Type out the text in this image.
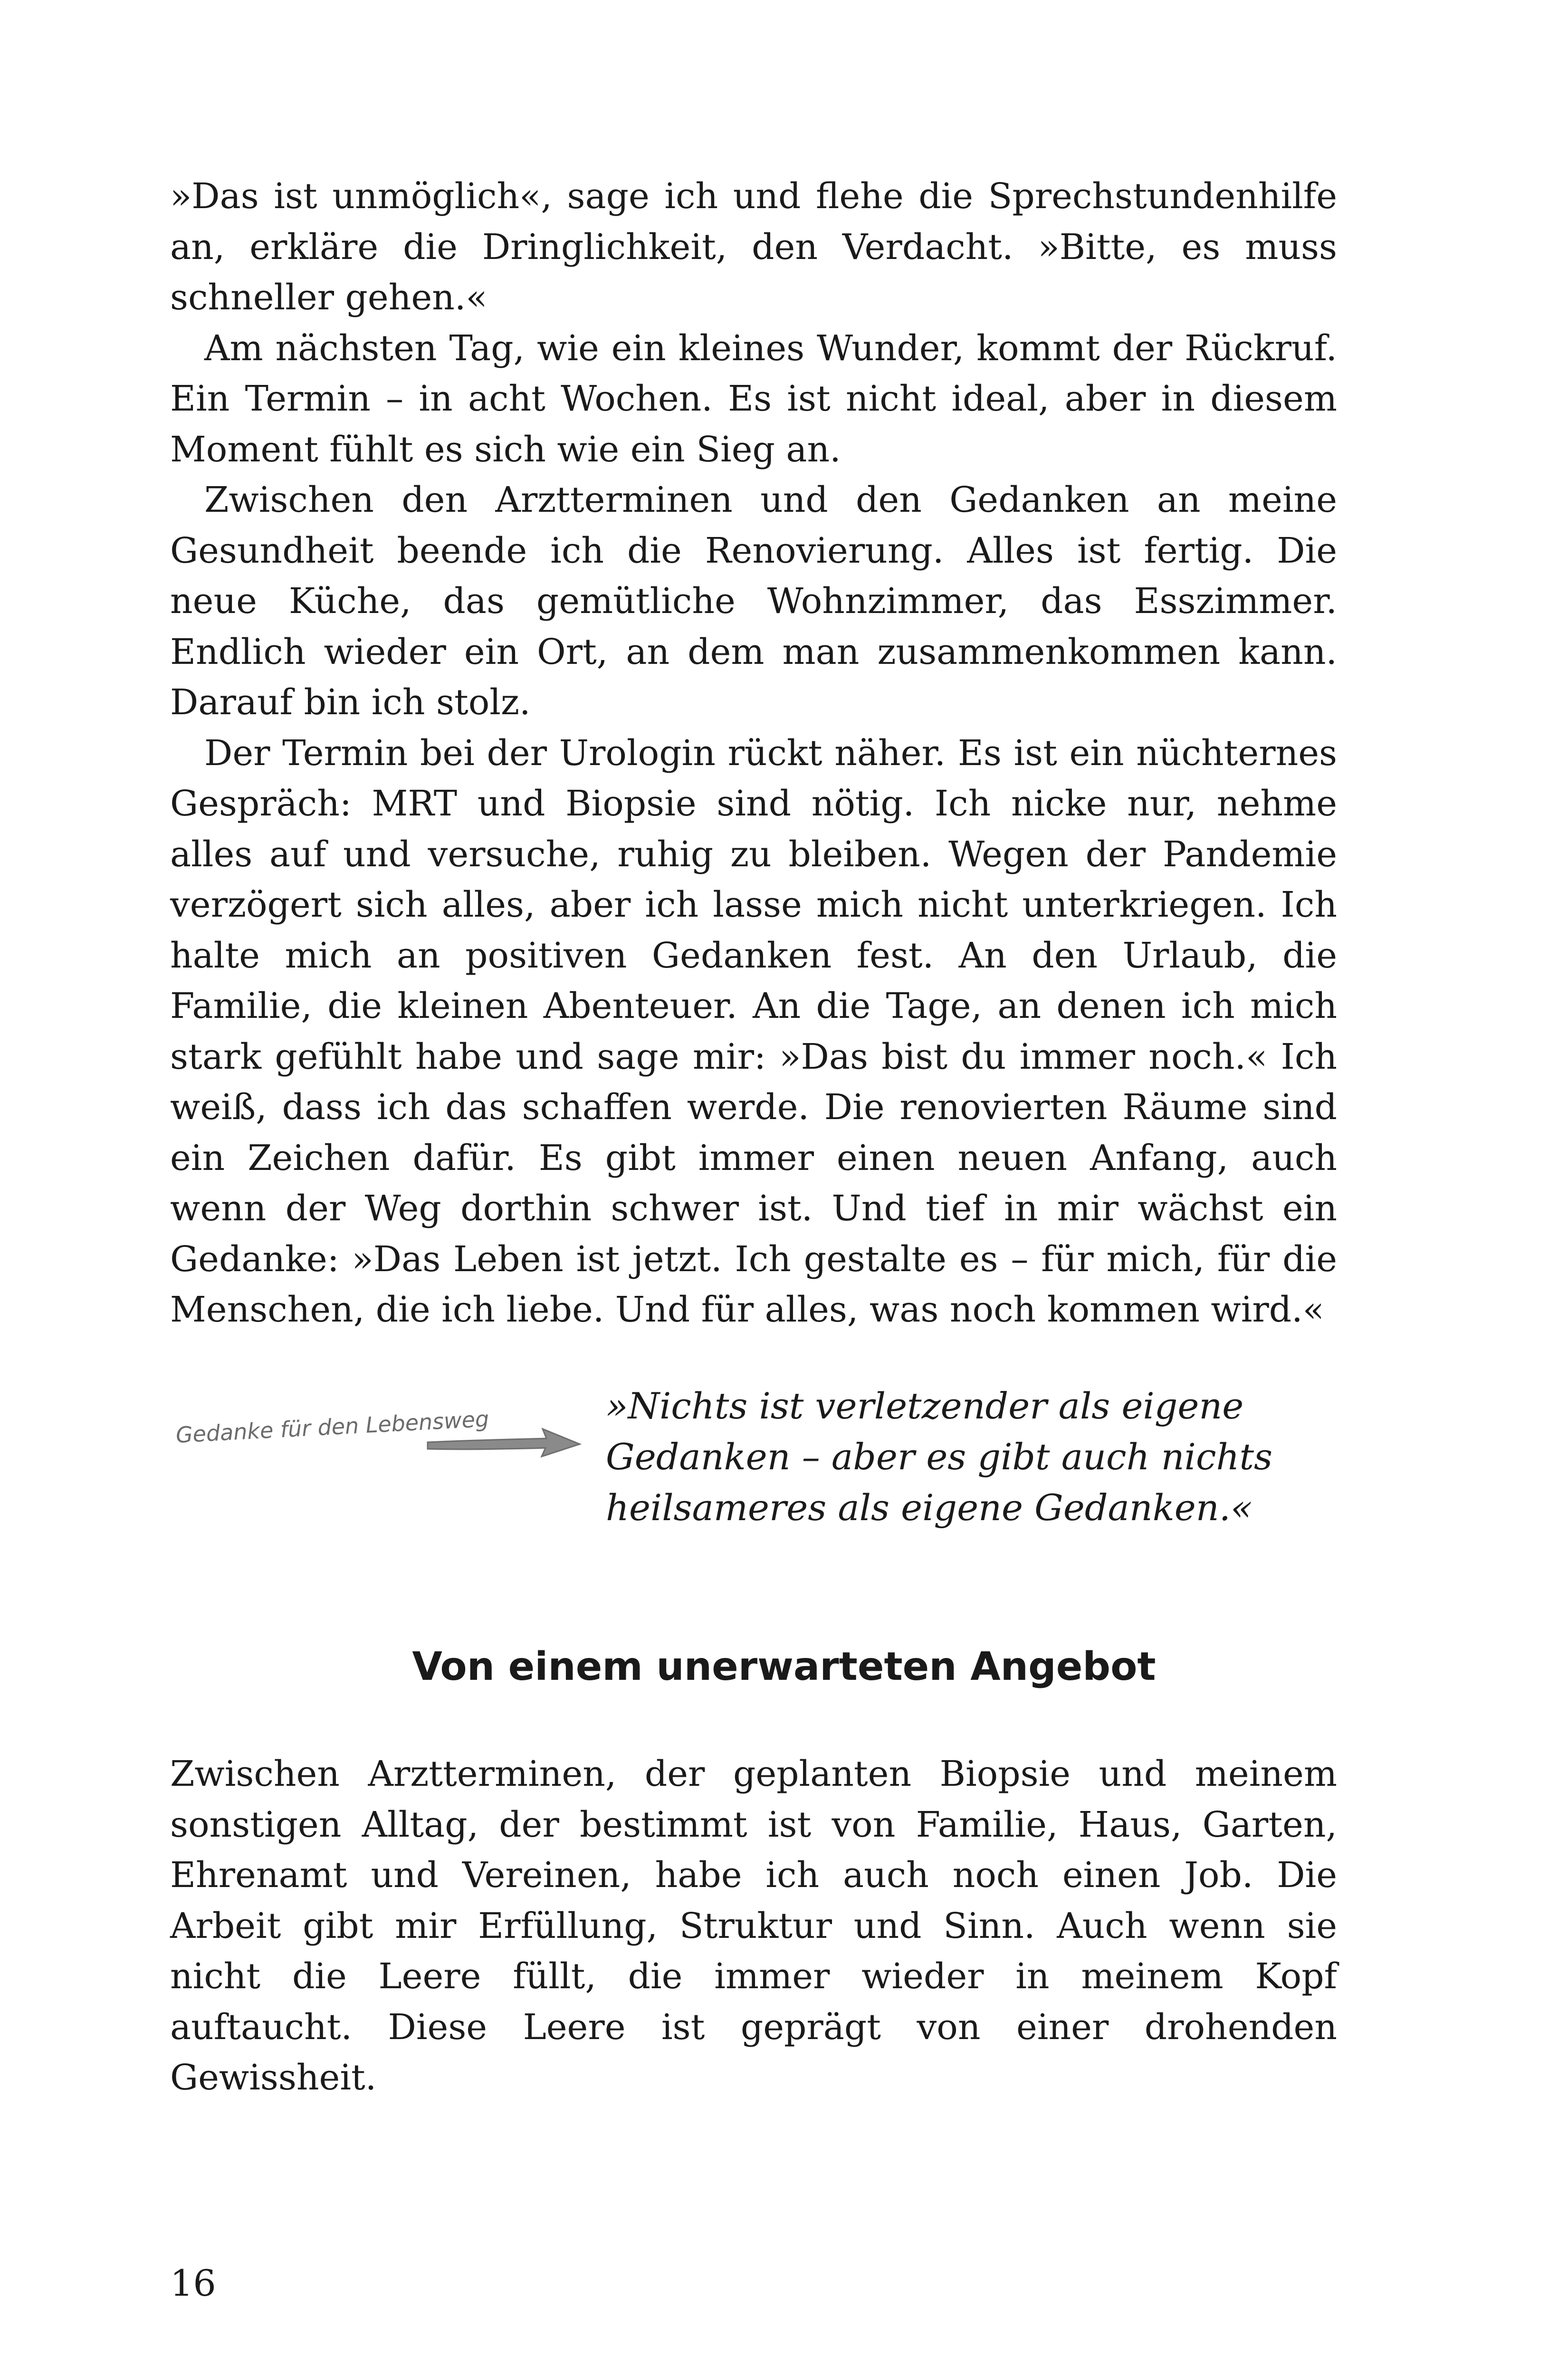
»Das ist unmöglich«, sage ich und flehe die Sprechstundenhilfe an, erkläre die Dringlichkeit, den Verdacht. »Bitte, es muss schneller gehen.«

Am nächsten Tag, wie ein kleines Wunder, kommt der Rückruf. Ein Termin – in acht Wochen. Es ist nicht ideal, aber in diesem Moment fühlt es sich wie ein Sieg an.

Zwischen den Arztterminen und den Gedanken an meine Gesundheit beende ich die Renovierung. Alles ist fertig. Die neue Küche, das gemütliche Wohnzimmer, das Esszimmer. Endlich wieder ein Ort, an dem man zusammenkommen kann. Darauf bin ich stolz.

Der Termin bei der Urologin rückt näher. Es ist ein nüchternes Gespräch: MRT und Biopsie sind nötig. Ich nicke nur, nehme alles auf und versuche, ruhig zu bleiben. Wegen der Pandemie verzögert sich alles, aber ich lasse mich nicht unterkriegen. Ich halte mich an positiven Gedanken fest. An den Urlaub, die Familie, die kleinen Abenteuer. An die Tage, an denen ich mich stark gefühlt habe und sage mir: »Das bist du immer noch.« Ich weiß, dass ich das schaffen werde. Die renovierten Räume sind ein Zeichen dafür. Es gibt immer einen neuen Anfang, auch wenn der Weg dorthin schwer ist. Und tief in mir wächst ein Gedanke: »Das Leben ist jetzt. Ich gestalte es – für mich, für die Menschen, die ich liebe. Und für alles, was noch kommen wird.«

Gedanke für den Lebensweg	»Nichts ist verletzender als eigene Gedanken – aber es gibt auch nichts heilsameres als eigene Gedanken.«

Von einem unerwarteten Angebot

Zwischen Arztterminen, der geplanten Biopsie und meinem sonstigen Alltag, der bestimmt ist von Familie, Haus, Garten, Ehrenamt und Vereinen, habe ich auch noch einen Job. Die Arbeit gibt mir Erfüllung, Struktur und Sinn. Auch wenn sie nicht die Leere füllt, die immer wieder in meinem Kopf auftaucht. Diese Leere ist geprägt von einer drohenden Gewissheit.

16
